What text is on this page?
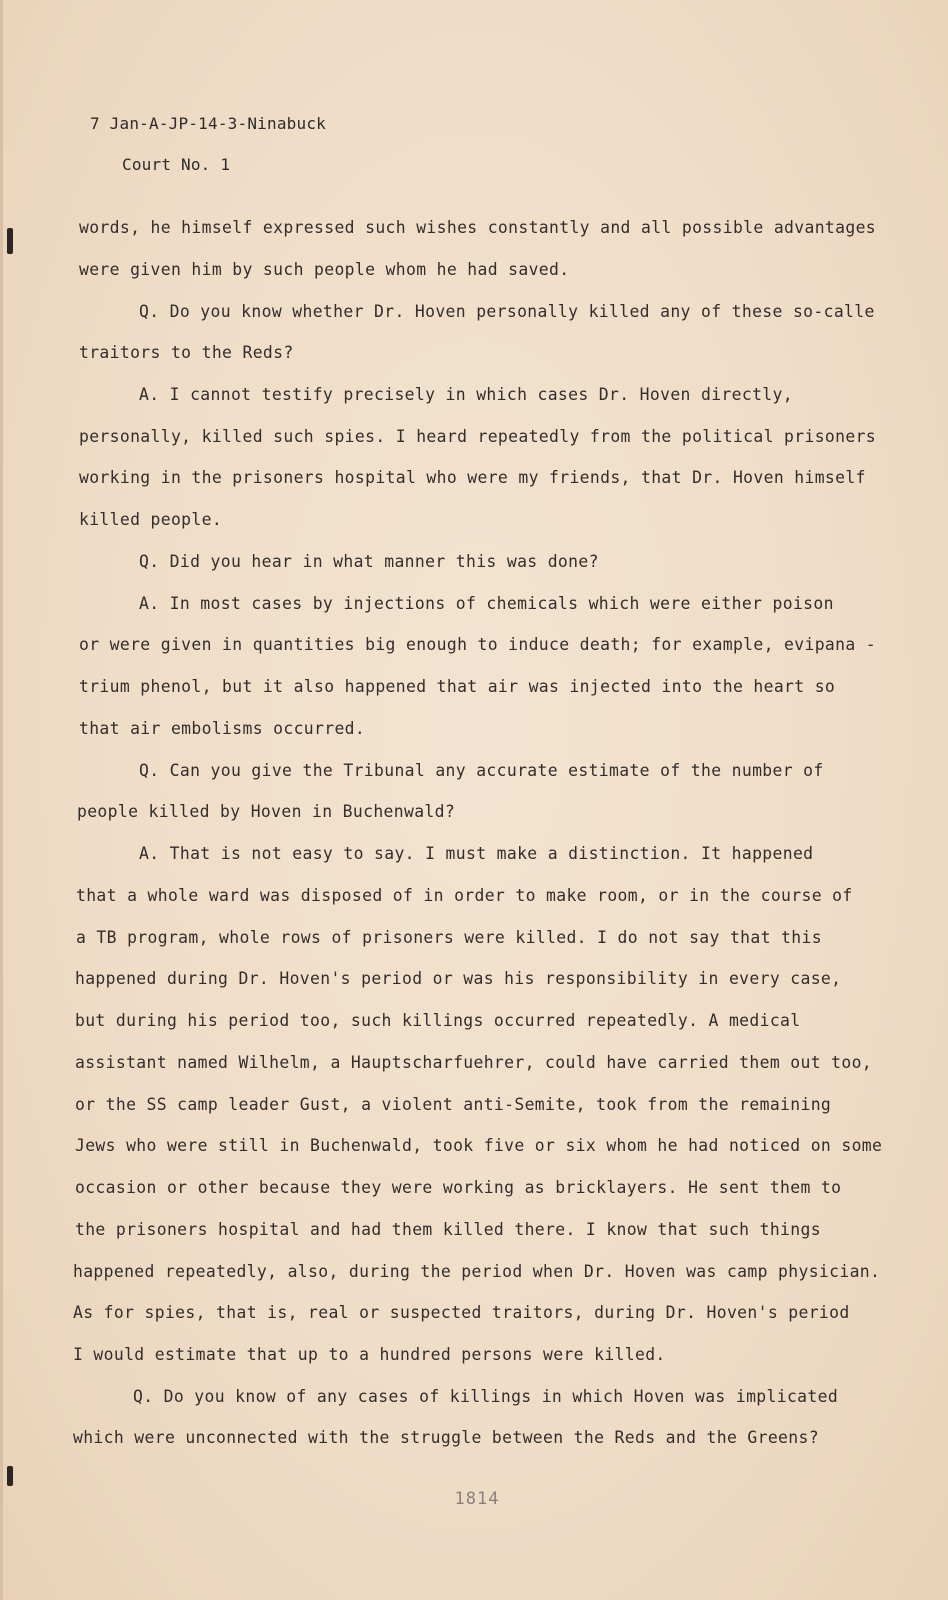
7 Jan-A-JP-14-3-Ninabuck
Court No. 1
words, he himself expressed such wishes constantly and all possible advantages
were given him by such people whom he had saved.
Q. Do you know whether Dr. Hoven personally killed any of these so-calle
traitors to the Reds?
A. I cannot testify precisely in which cases Dr. Hoven directly,
personally, killed such spies. I heard repeatedly from the political prisoners
working in the prisoners hospital who were my friends, that Dr. Hoven himself
killed people.
Q. Did you hear in what manner this was done?
A. In most cases by injections of chemicals which were either poison
or were given in quantities big enough to induce death; for example, evipana -
trium phenol, but it also happened that air was injected into the heart so
that air embolisms occurred.
Q. Can you give the Tribunal any accurate estimate of the number of
people killed by Hoven in Buchenwald?
A. That is not easy to say. I must make a distinction. It happened
that a whole ward was disposed of in order to make room, or in the course of
a TB program, whole rows of prisoners were killed. I do not say that this
happened during Dr. Hoven's period or was his responsibility in every case,
but during his period too, such killings occurred repeatedly. A medical
assistant named Wilhelm, a Hauptscharfuehrer, could have carried them out too,
or the SS camp leader Gust, a violent anti-Semite, took from the remaining
Jews who were still in Buchenwald, took five or six whom he had noticed on some
occasion or other because they were working as bricklayers. He sent them to
the prisoners hospital and had them killed there. I know that such things
happened repeatedly, also, during the period when Dr. Hoven was camp physician.
As for spies, that is, real or suspected traitors, during Dr. Hoven's period
I would estimate that up to a hundred persons were killed.
Q. Do you know of any cases of killings in which Hoven was implicated
which were unconnected with the struggle between the Reds and the Greens?
1814
